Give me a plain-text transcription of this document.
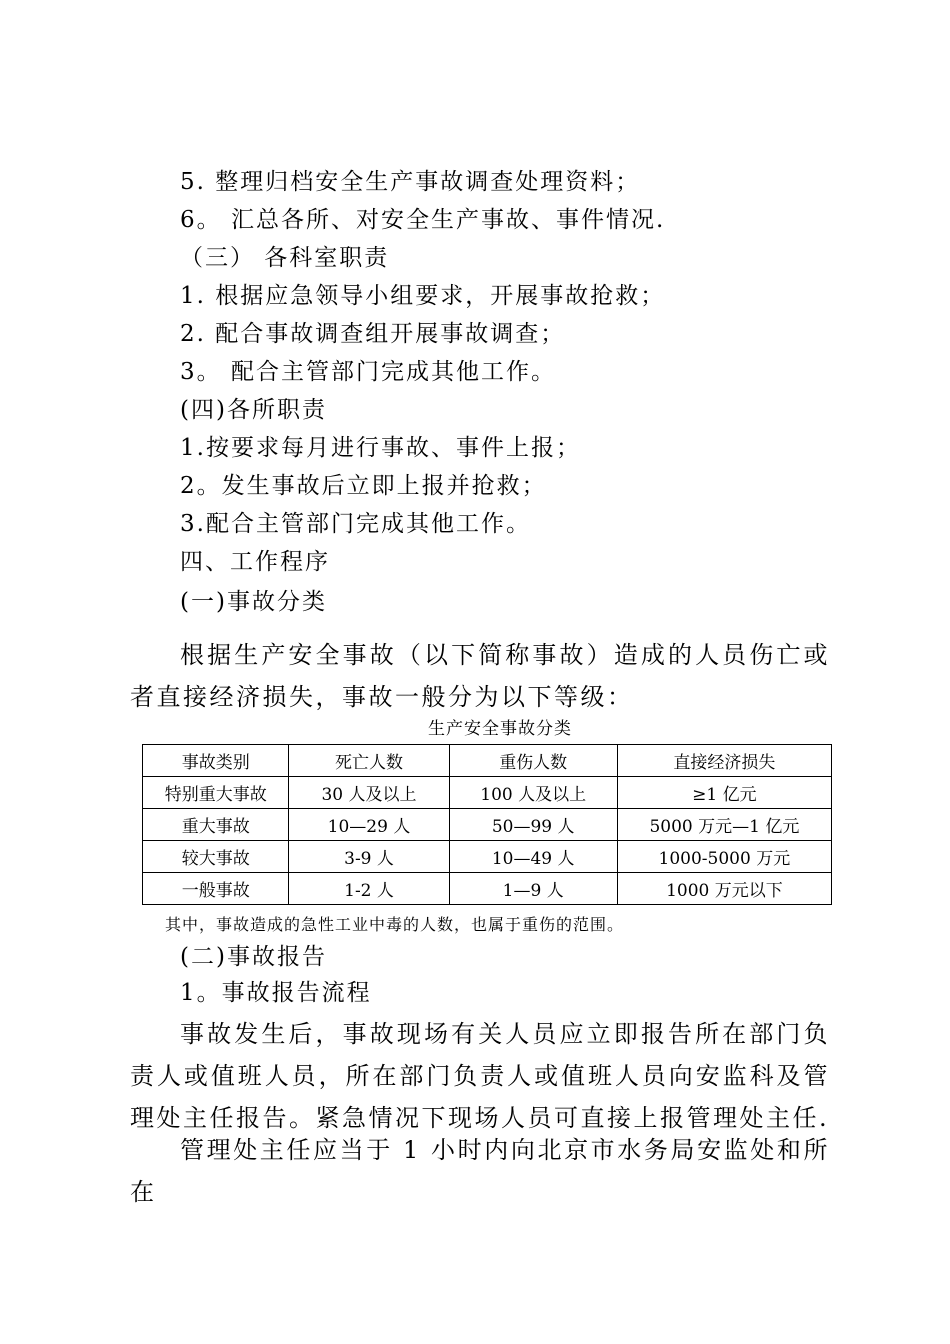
5. 整理归档安全生产事故调查处理资料；
6。 汇总各所、对安全生产事故、事件情况.
（三） 各科室职责
1. 根据应急领导小组要求，开展事故抢救；
2. 配合事故调查组开展事故调查；
3。 配合主管部门完成其他工作。
(四)各所职责
1.按要求每月进行事故、事件上报；
2。发生事故后立即上报并抢救；
3.配合主管部门完成其他工作。
四、工作程序
(一)事故分类
根据生产安全事故（以下简称事故）造成的人员伤亡或者直接经济损失，事故一般分为以下等级：
生产安全事故分类
事故类别	死亡人数	重伤人数	直接经济损失
特别重大事故	30 人及以上	100 人及以上	≥1 亿元
重大事故	10—29 人	50—99 人	5000 万元—1 亿元
较大事故	3-9 人	10—49 人	1000-5000 万元
一般事故	1-2 人	1—9 人	1000 万元以下
其中，事故造成的急性工业中毒的人数，也属于重伤的范围。
(二)事故报告
1。事故报告流程
事故发生后，事故现场有关人员应立即报告所在部门负责人或值班人员，所在部门负责人或值班人员向安监科及管理处主任报告。紧急情况下现场人员可直接上报管理处主任.
管理处主任应当于 1 小时内向北京市水务局安监处和所在
